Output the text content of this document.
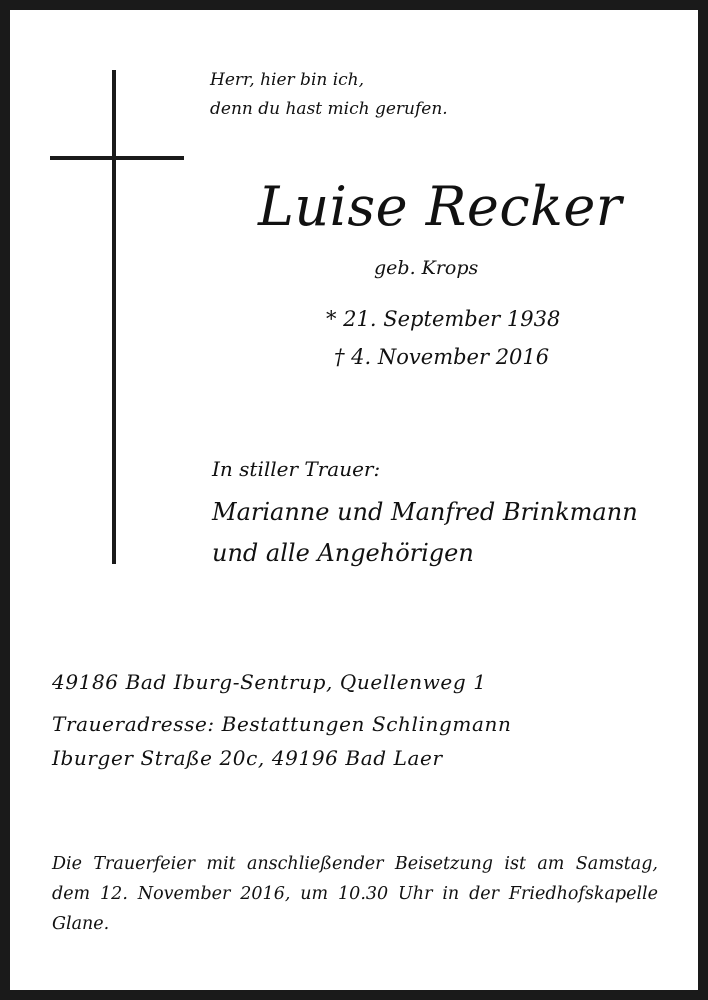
Herr, hier bin ich,
denn du hast mich gerufen.
Luise Recker
geb. Krops
* 21. September 1938
† 4. November 2016
In stiller Trauer:
Marianne und Manfred Brinkmann
und alle Angehörigen
49186 Bad Iburg-Sentrup, Quellenweg 1
Traueradresse: Bestattungen Schlingmann
Iburger Straße 20c, 49196 Bad Laer
Die Trauerfeier mit anschließender Beisetzung ist am Samstag,
dem 12. November 2016, um 10.30 Uhr in der Friedhofskapelle
Glane.
